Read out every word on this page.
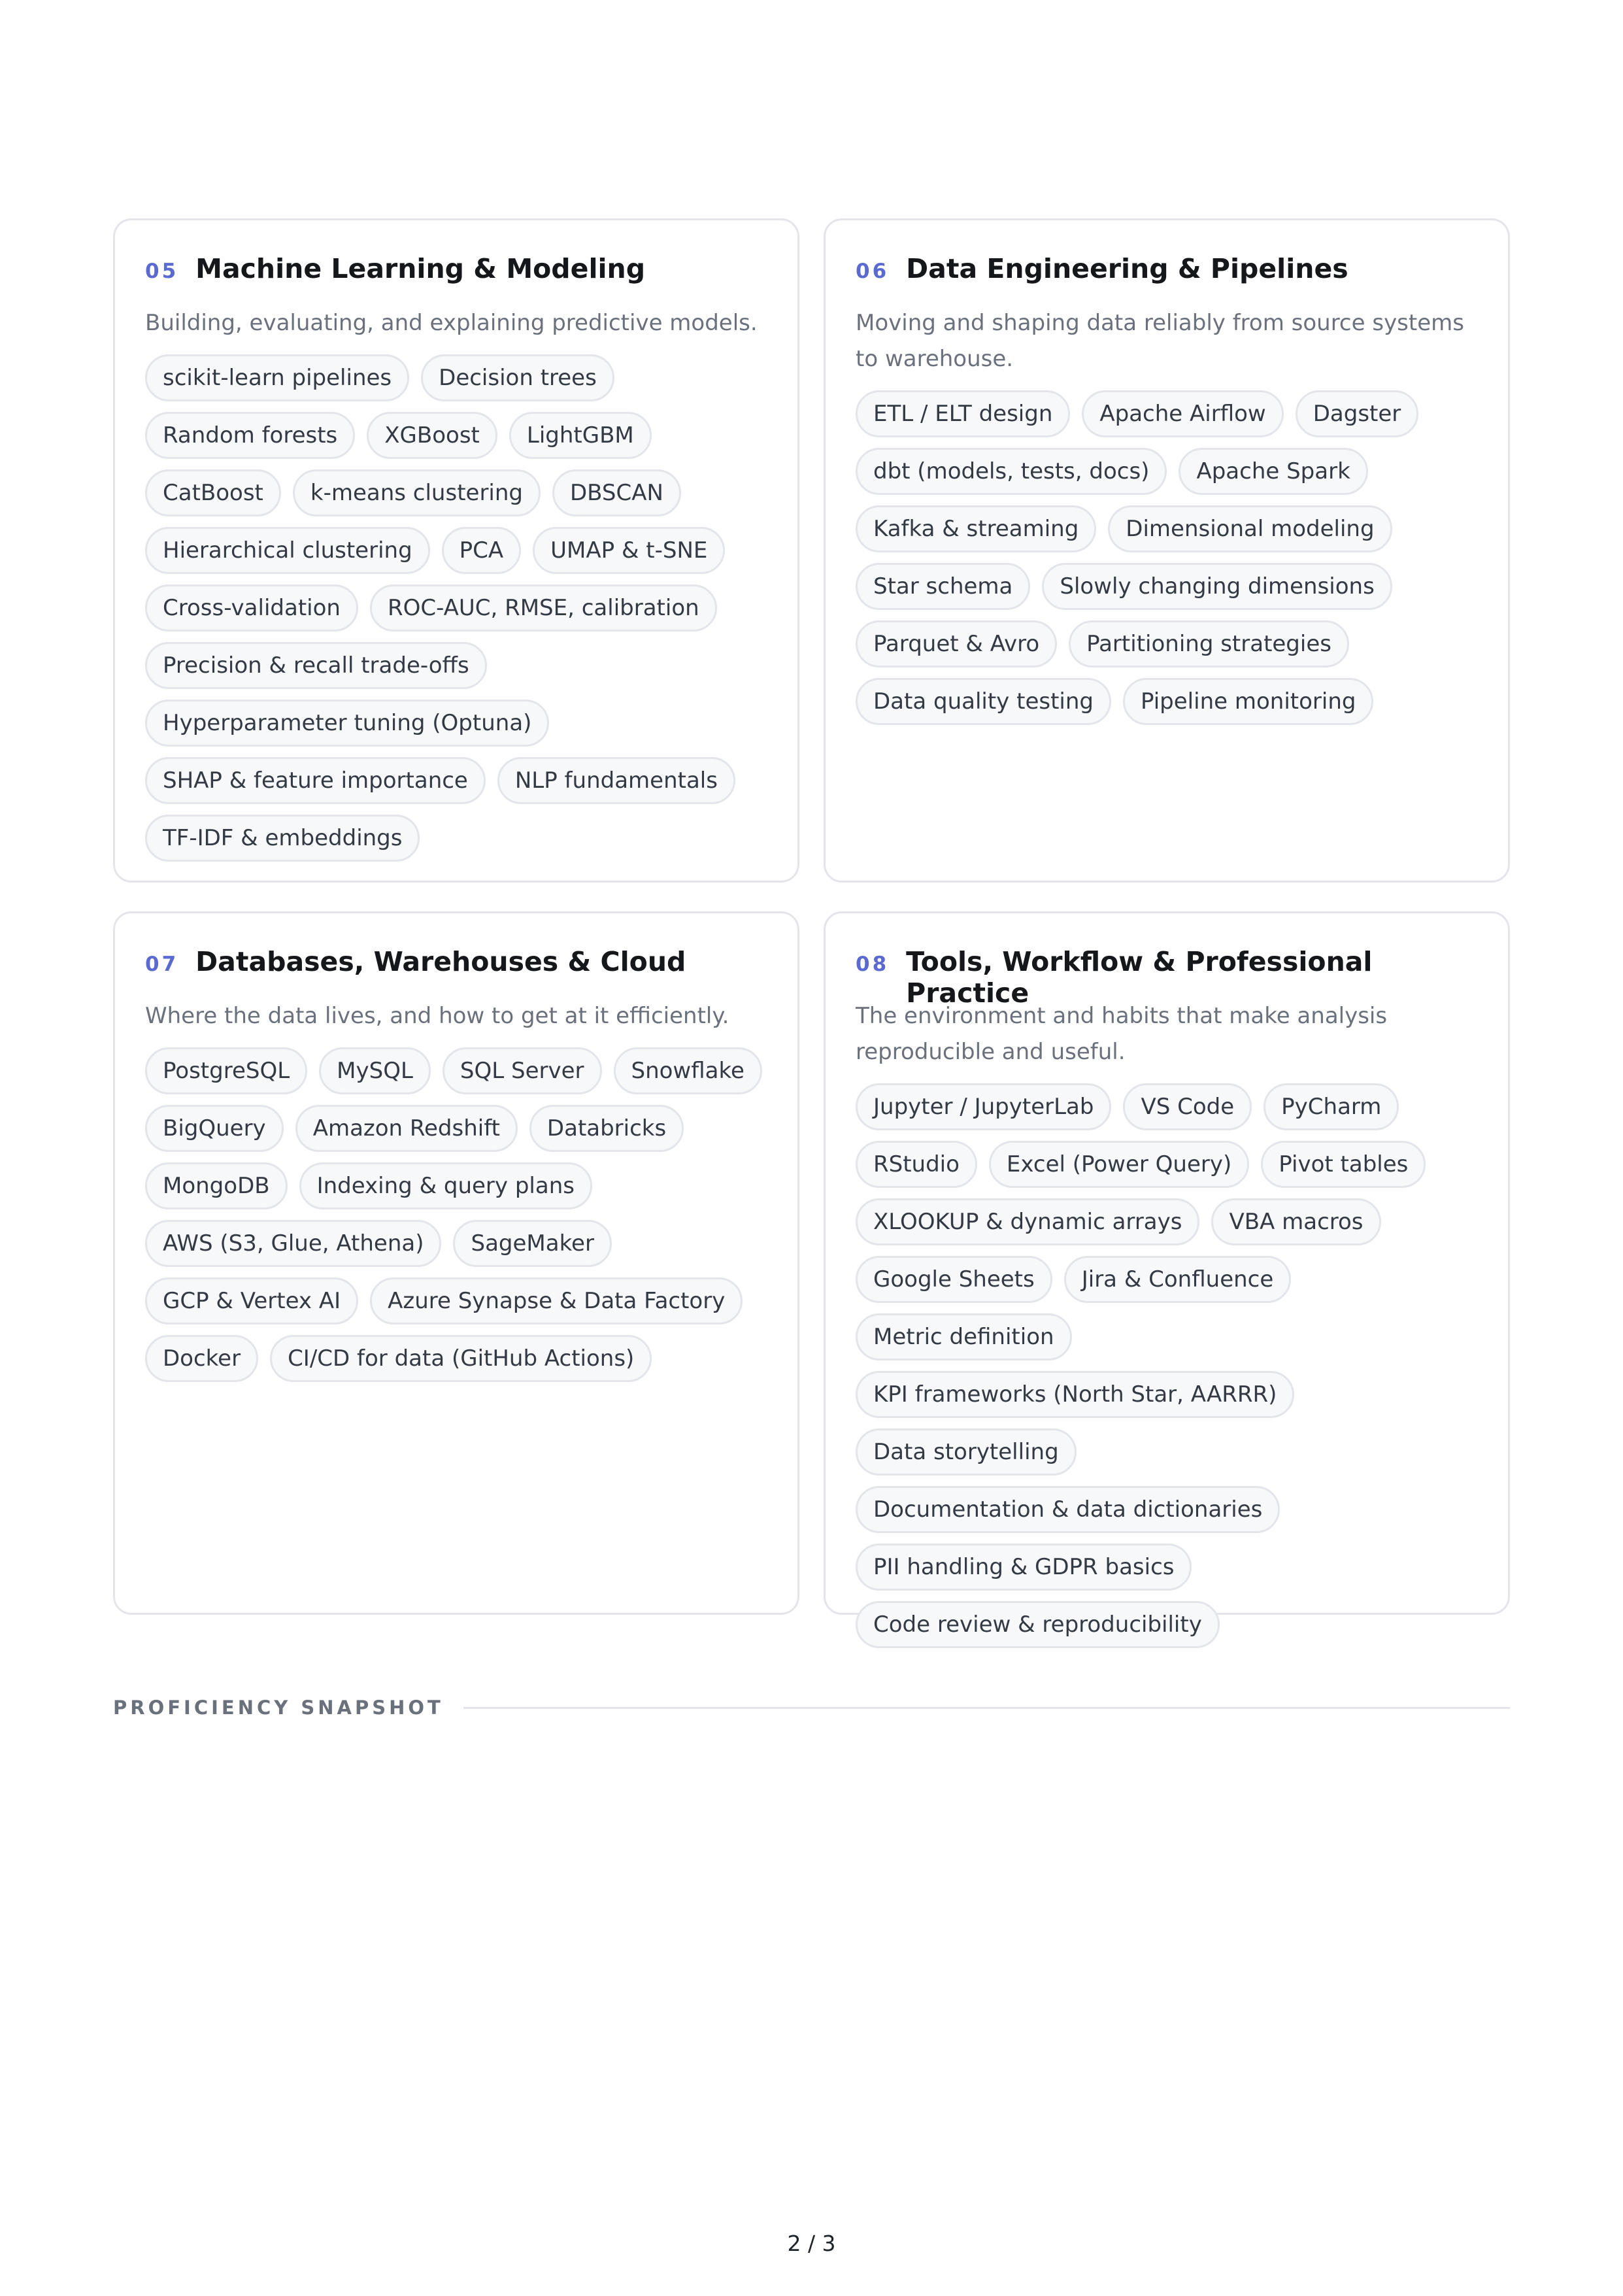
05 Machine Learning & Modeling
Building, evaluating, and explaining predictive models.
scikit-learn pipelines	Decision trees
Random forests	XGBoost	LightGBM
CatBoost	k-means clustering	DBSCAN
Hierarchical clustering	PCA	UMAP & t-SNE
Cross-validation	ROC-AUC, RMSE, calibration
Precision & recall trade-offs
Hyperparameter tuning (Optuna)
SHAP & feature importance	NLP fundamentals
TF-IDF & embeddings
06 Data Engineering & Pipelines
Moving and shaping data reliably from source systems to warehouse.
ETL / ELT design	Apache Airflow	Dagster
dbt (models, tests, docs)	Apache Spark
Kafka & streaming	Dimensional modeling
Star schema	Slowly changing dimensions
Parquet & Avro	Partitioning strategies
Data quality testing	Pipeline monitoring
07 Databases, Warehouses & Cloud
Where the data lives, and how to get at it efficiently.
PostgreSQL	MySQL	SQL Server	Snowflake
BigQuery	Amazon Redshift	Databricks
MongoDB	Indexing & query plans
AWS (S3, Glue, Athena)	SageMaker
GCP & Vertex AI	Azure Synapse & Data Factory
Docker	CI/CD for data (GitHub Actions)
08 Tools, Workflow & Professional Practice
The environment and habits that make analysis reproducible and useful.
Jupyter / JupyterLab	VS Code	PyCharm
RStudio	Excel (Power Query)	Pivot tables
XLOOKUP & dynamic arrays	VBA macros
Google Sheets	Jira & Confluence
Metric definition
KPI frameworks (North Star, AARRR)
Data storytelling
Documentation & data dictionaries
PII handling & GDPR basics
Code review & reproducibility
PROFICIENCY SNAPSHOT
2 / 3
